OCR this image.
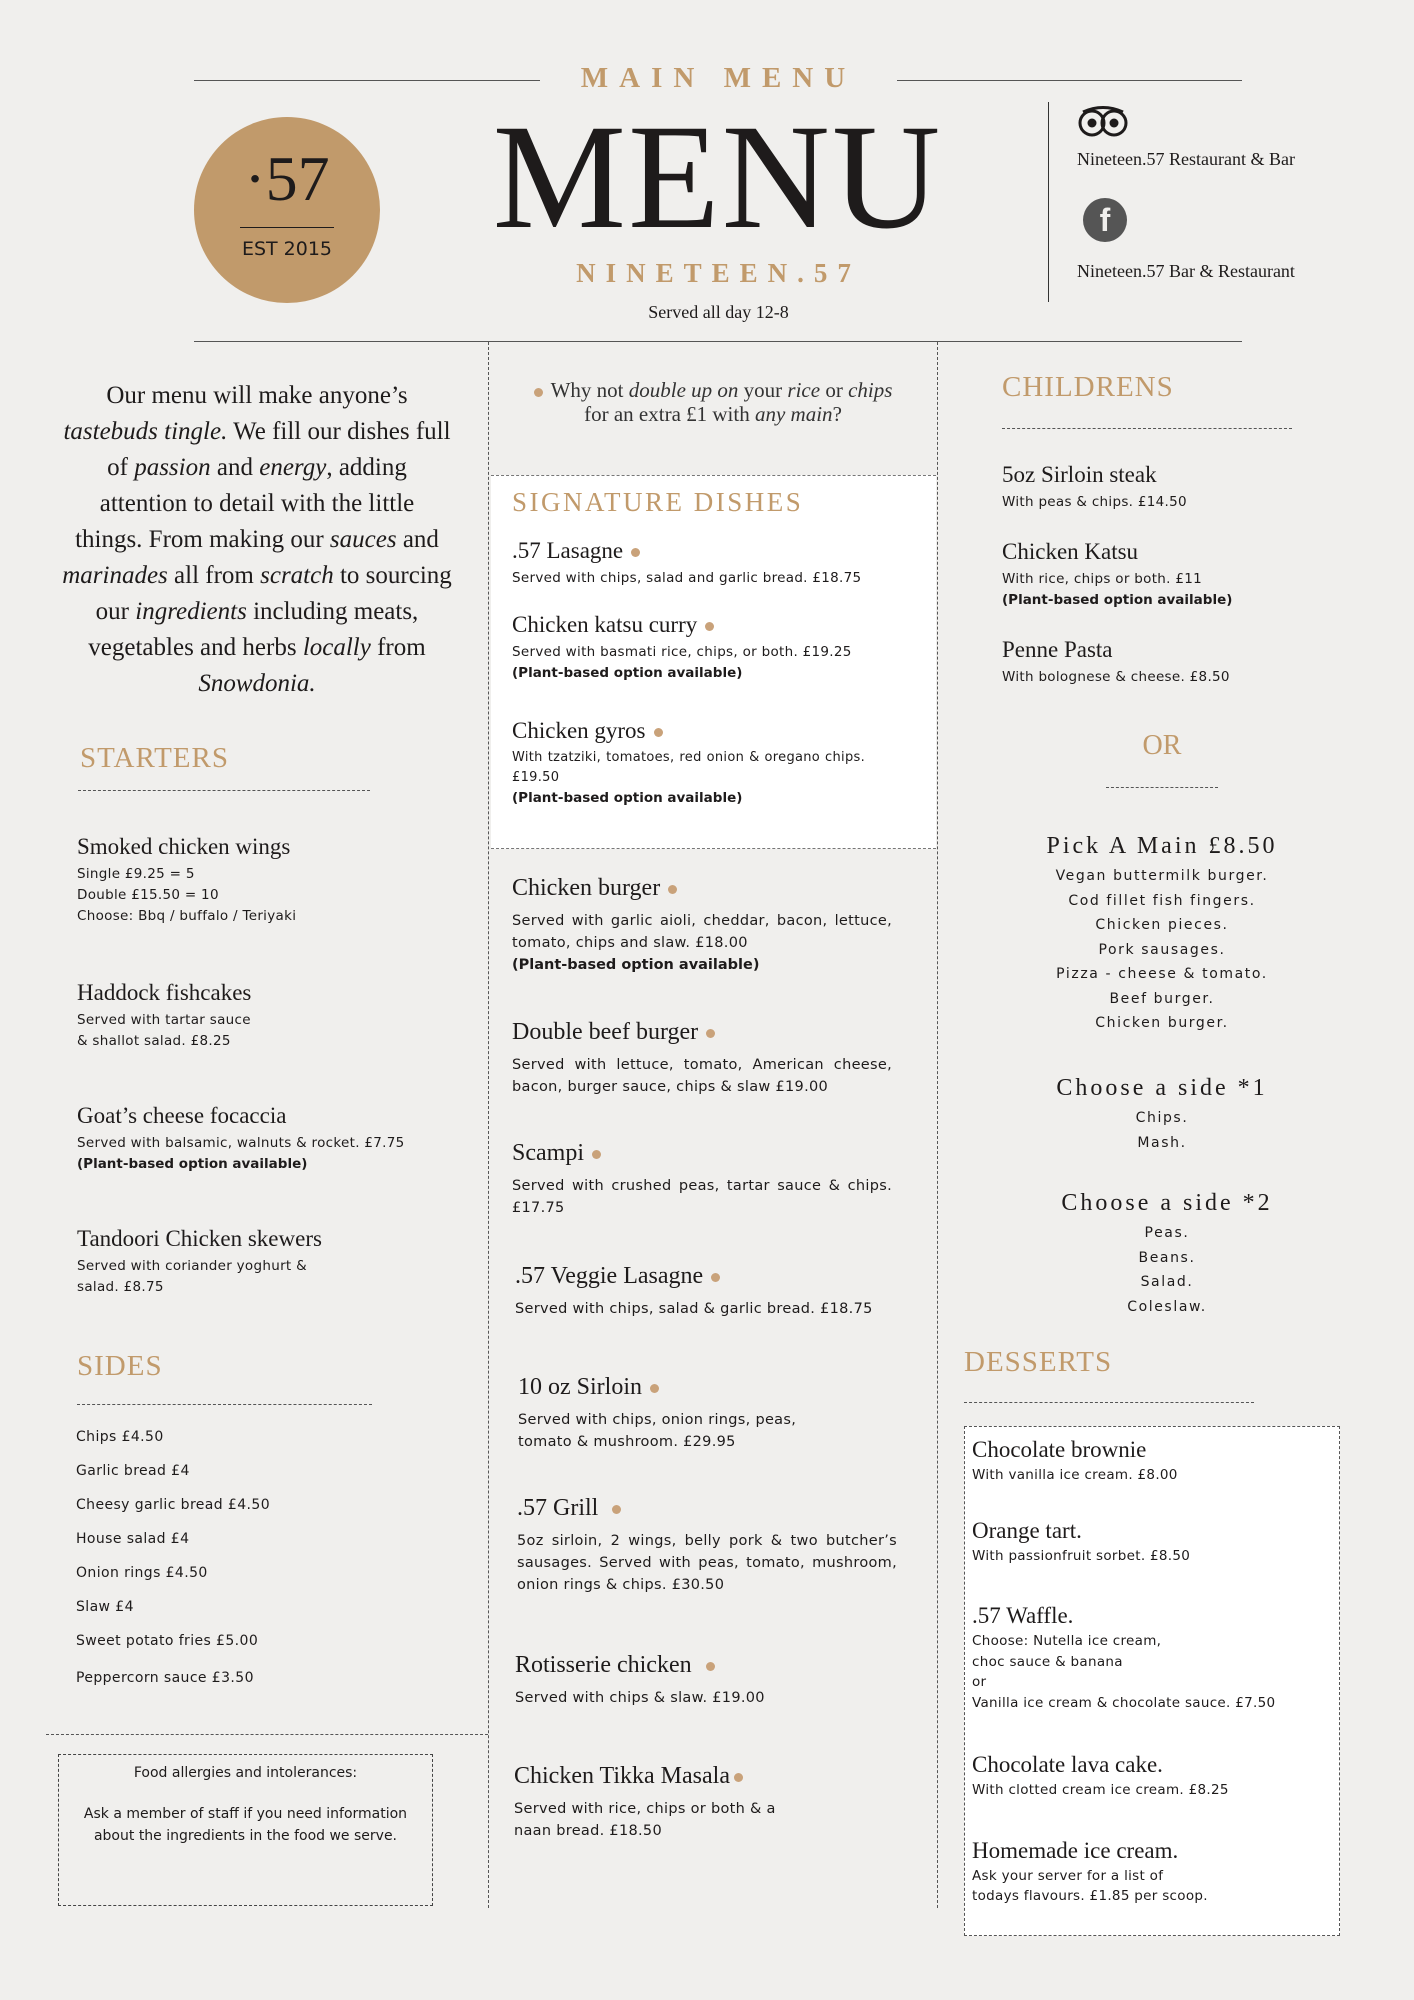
MAIN MENU
·57
EST 2015	MENU
NINETEEN.57
Served all day 12-8
Nineteen.57 Restaurant & Bar
f
Nineteen.57 Bar & Restaurant
Our menu will make anyone’s
tastebuds tingle. We fill our dishes full
of passion and energy, adding
attention to detail with the little
things. From making our sauces and
marinades all from scratch to sourcing
our ingredients including meats,
vegetables and herbs locally from
Snowdonia.
STARTERS
Smoked chicken wings
Single £9.25 = 5
Double £15.50 = 10
Choose: Bbq / buffalo / Teriyaki
Haddock fishcakes
Served with tartar sauce
& shallot salad. £8.25
Goat’s cheese focaccia
Served with balsamic, walnuts & rocket. £7.75
(Plant-based option available)
Tandoori Chicken skewers
Served with coriander yoghurt &
salad. £8.75
SIDES
Chips £4.50
Garlic bread £4
Cheesy garlic bread £4.50
House salad £4
Onion rings £4.50
Slaw £4
Sweet potato fries £5.00
Peppercorn sauce £3.50
Food allergies and intolerances:
Ask a member of staff if you need information about the ingredients in the food we serve.
Why not double up on your rice or chips
for an extra £1 with any main?
SIGNATURE DISHES
.57 Lasagne
Served with chips, salad and garlic bread. £18.75
Chicken katsu curry
Served with basmati rice, chips, or both. £19.25
(Plant-based option available)
Chicken gyros
With tzatziki, tomatoes, red onion & oregano chips. £19.50
(Plant-based option available)
Chicken burger
Served with garlic aioli, cheddar, bacon, lettuce, tomato, chips and slaw. £18.00
(Plant-based option available)
Double beef burger
Served with lettuce, tomato, American cheese, bacon, burger sauce, chips & slaw £19.00
Scampi
Served with crushed peas, tartar sauce & chips. £17.75
.57 Veggie Lasagne
Served with chips, salad & garlic bread. £18.75
10 oz Sirloin
Served with chips, onion rings, peas, tomato & mushroom. £29.95
.57 Grill
5oz sirloin, 2 wings, belly pork & two butcher’s sausages. Served with peas, tomato, mushroom, onion rings & chips. £30.50
Rotisserie chicken
Served with chips & slaw. £19.00
Chicken Tikka Masala
Served with rice, chips or both & a naan bread. £18.50
CHILDRENS
5oz Sirloin steak
With peas & chips. £14.50
Chicken Katsu
With rice, chips or both. £11
(Plant-based option available)
Penne Pasta
With bolognese & cheese. £8.50
OR
Pick A Main £8.50
Vegan buttermilk burger.
Cod fillet fish fingers.
Chicken pieces.
Pork sausages.
Pizza - cheese & tomato.
Beef burger.
Chicken burger.
Choose a side *1
Chips.
Mash.
Choose a side *2
Peas.
Beans.
Salad.
Coleslaw.
DESSERTS
Chocolate brownie
With vanilla ice cream. £8.00
Orange tart.
With passionfruit sorbet. £8.50
.57 Waffle.
Choose: Nutella ice cream,
choc sauce & banana
or
Vanilla ice cream & chocolate sauce. £7.50
Chocolate lava cake.
With clotted cream ice cream. £8.25
Homemade ice cream.
Ask your server for a list of
todays flavours. £1.85 per scoop.
